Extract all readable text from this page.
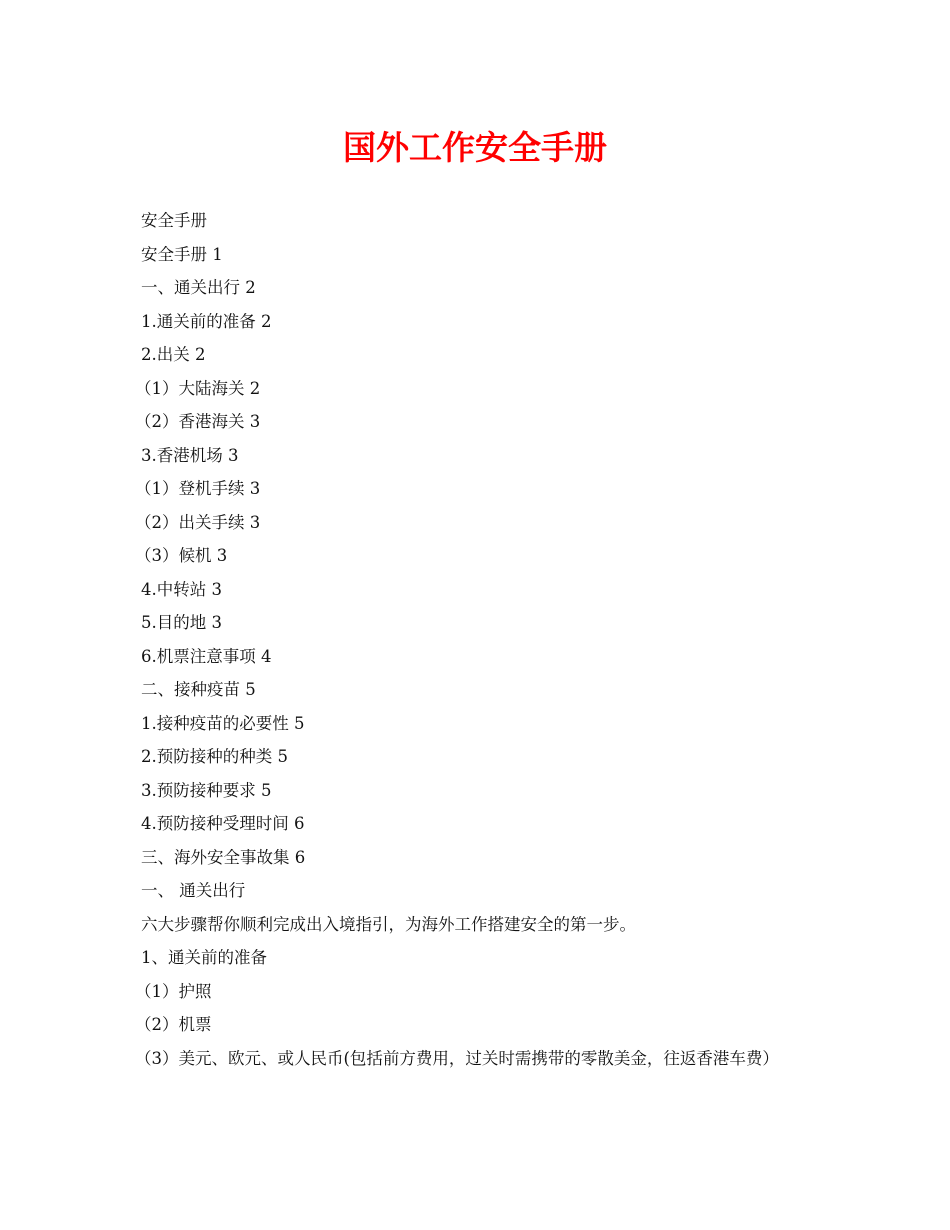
国外工作安全手册
安全手册
安全手册 1
一、通关出行 2
1.通关前的准备 2
2.出关 2
（1）大陆海关 2
（2）香港海关 3
3.香港机场 3
（1）登机手续 3
（2）出关手续 3
（3）候机 3
4.中转站 3
5.目的地 3
6.机票注意事项 4
二、接种疫苗 5
1.接种疫苗的必要性 5
2.预防接种的种类 5
3.预防接种要求 5
4.预防接种受理时间 6
三、海外安全事故集 6
一、 通关出行
六大步骤帮你顺利完成出入境指引，为海外工作搭建安全的第一步。
1、通关前的准备
（1）护照
（2）机票
（3）美元、欧元、或人民币(包括前方费用，过关时需携带的零散美金，往返香港车费）
